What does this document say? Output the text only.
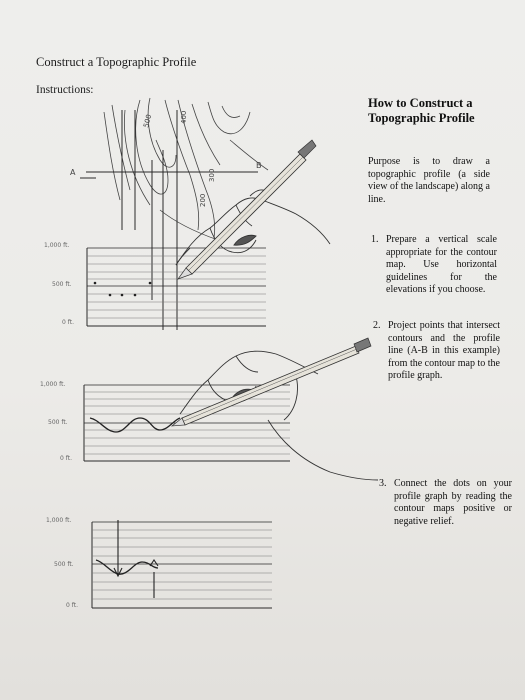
Construct a Topographic Profile
Instructions:
How to Construct a Topographic Profile
Purpose is to draw a topographic profile (a side view of the landscape) along a line.
1. Prepare a vertical scale appropriate for the contour map. Use horizontal guidelines for the elevations if you choose.
2. Project points that intersect contours and the profile line (A-B in this example) from the contour map to the profile graph.
3. Connect the dots on your profile graph by reading the contour maps positive or negative relief.
A
B
500	400
300
200
1,000 ft.
500 ft.
0 ft.
1,000 ft.
500 ft.
0 ft.
1,000 ft.
500 ft.
0 ft.
